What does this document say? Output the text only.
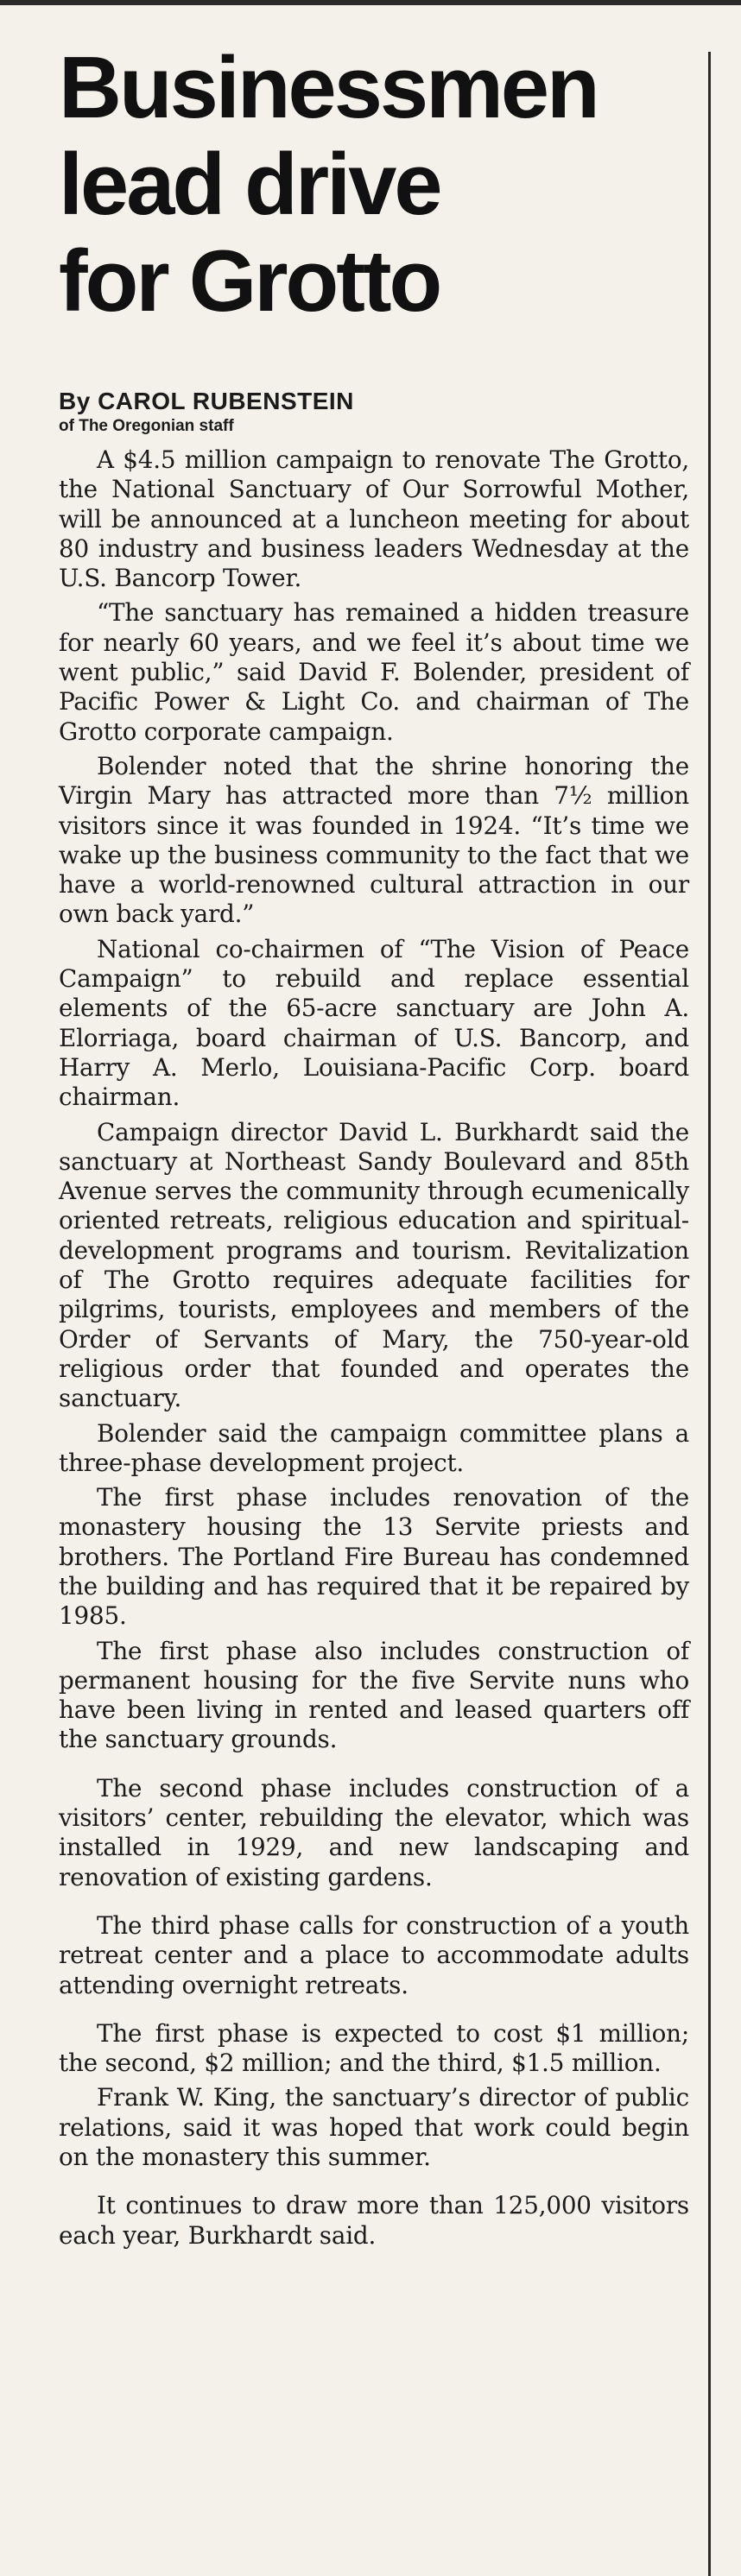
Businessmen
lead drive
for Grotto
By CAROL RUBENSTEIN
of The Oregonian staff

A $4.5 million campaign to renovate The Grotto, the National Sanctuary of Our Sorrowful Mother, will be announced at a luncheon meeting for about 80 industry and business leaders Wednesday at the U.S. Bancorp Tower.

“The sanctuary has remained a hidden treasure for nearly 60 years, and we feel it’s about time we went public,” said David F. Bolender, president of Pacific Power & Light Co. and chairman of The Grotto corporate campaign.

Bolender noted that the shrine honoring the Virgin Mary has attracted more than 7½ million visitors since it was founded in 1924. “It’s time we wake up the business community to the fact that we have a world-renowned cultural attraction in our own back yard.”

National co-chairmen of “The Vision of Peace Campaign” to rebuild and replace essential elements of the 65-acre sanctuary are John A. Elorriaga, board chairman of U.S. Bancorp, and Harry A. Merlo, Louisiana-Pacific Corp. board chairman.

Campaign director David L. Burkhardt said the sanctuary at Northeast Sandy Boulevard and 85th Avenue serves the community through ecumenically oriented retreats, religious education and spiritual-development programs and tourism. Revitalization of The Grotto requires adequate facilities for pilgrims, tourists, employees and members of the Order of Servants of Mary, the 750-year-old religious order that founded and operates the sanctuary.

Bolender said the campaign committee plans a three-phase development project.

The first phase includes renovation of the monastery housing the 13 Servite priests and brothers. The Portland Fire Bureau has condemned the building and has required that it be repaired by 1985.

The first phase also includes construction of permanent housing for the five Servite nuns who have been living in rented and leased quarters off the sanctuary grounds.

The second phase includes construction of a visitors’ center, rebuilding the elevator, which was installed in 1929, and new landscaping and renovation of existing gardens.

The third phase calls for construction of a youth retreat center and a place to accommodate adults attending overnight retreats.

The first phase is expected to cost $1 million; the second, $2 million; and the third, $1.5 million.

Frank W. King, the sanctuary’s director of public relations, said it was hoped that work could begin on the monastery this summer.

It continues to draw more than 125,000 visitors each year, Burkhardt said.
